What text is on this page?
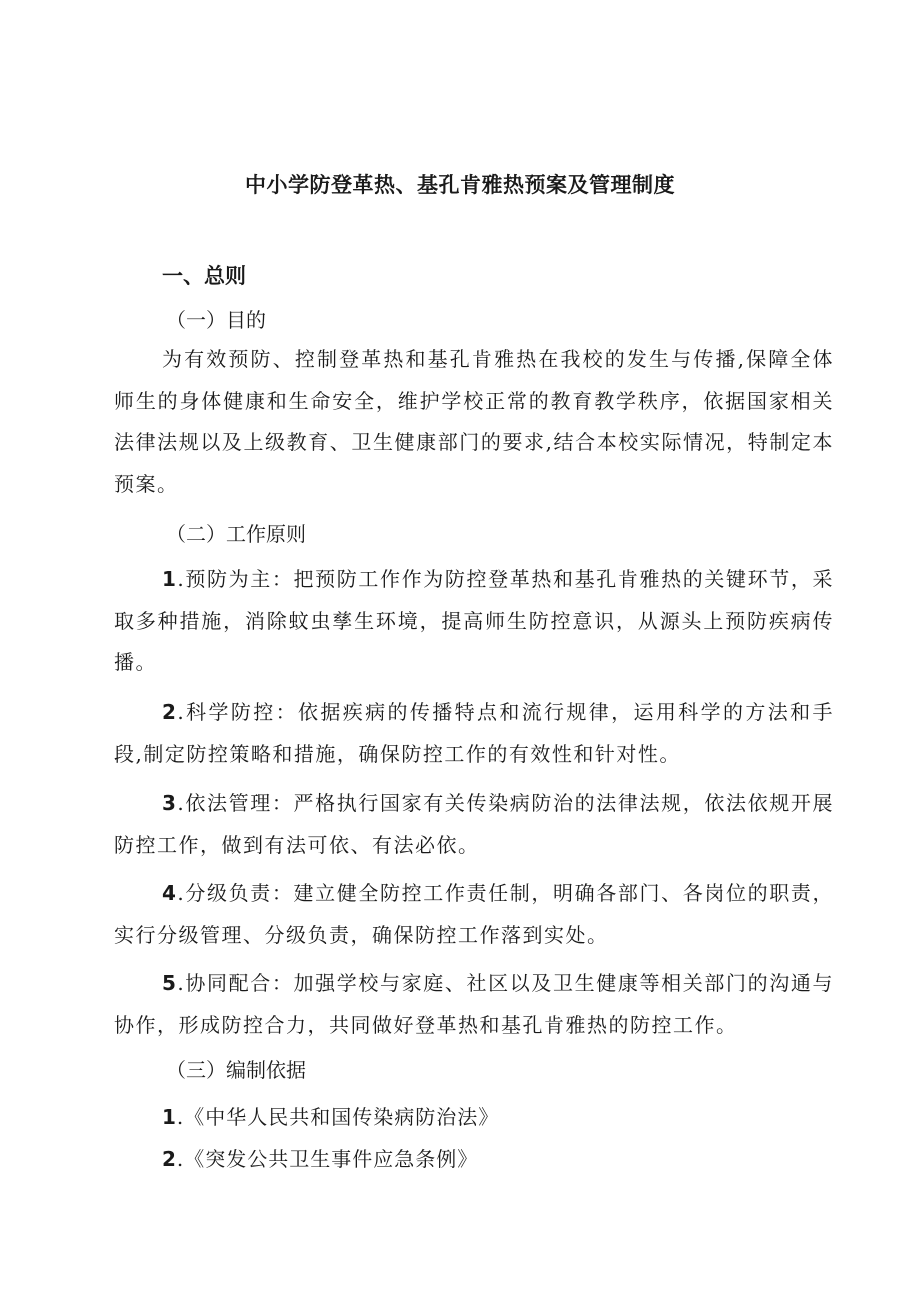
中小学防登革热、基孔肯雅热预案及管理制度
一、总则
（一）目的
为有效预防、控制登革热和基孔肯雅热在我校的发生与传播,保障全体师生的身体健康和生命安全，维护学校正常的教育教学秩序，依据国家相关法律法规以及上级教育、卫生健康部门的要求,结合本校实际情况，特制定本预案。
（二）工作原则
1.预防为主：把预防工作作为防控登革热和基孔肯雅热的关键环节，采取多种措施，消除蚊虫孳生环境，提高师生防控意识，从源头上预防疾病传播。
2.科学防控：依据疾病的传播特点和流行规律，运用科学的方法和手段,制定防控策略和措施，确保防控工作的有效性和针对性。
3.依法管理：严格执行国家有关传染病防治的法律法规，依法依规开展防控工作，做到有法可依、有法必依。
4.分级负责：建立健全防控工作责任制，明确各部门、各岗位的职责，实行分级管理、分级负责，确保防控工作落到实处。
5.协同配合：加强学校与家庭、社区以及卫生健康等相关部门的沟通与协作，形成防控合力，共同做好登革热和基孔肯雅热的防控工作。
（三）编制依据
1.《中华人民共和国传染病防治法》
2.《突发公共卫生事件应急条例》
